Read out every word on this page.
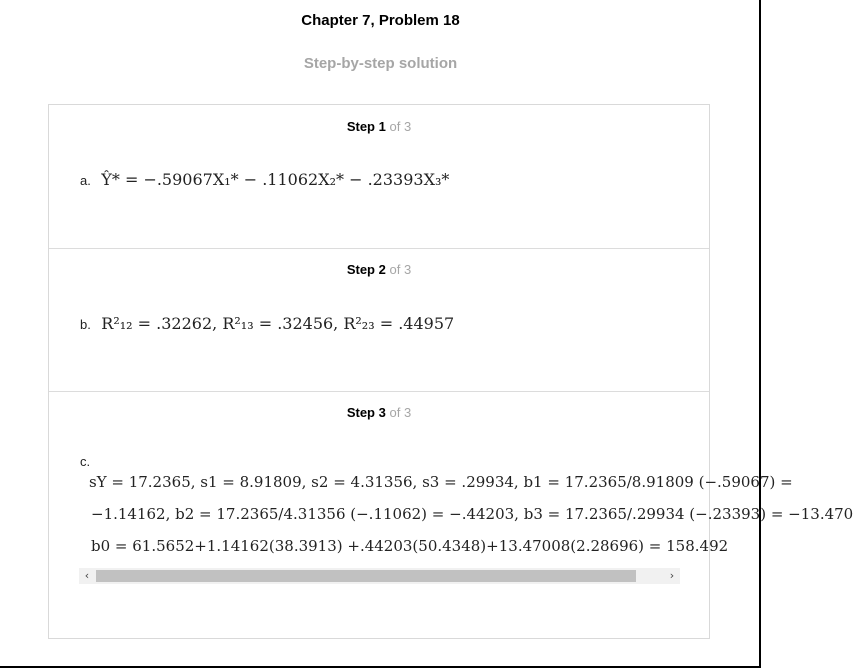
Chapter 7, Problem 18
Step-by-step solution
Step 1 of 3
a. Ŷ* = −.59067X₁* − .11062X₂* − .23393X₃*
Step 2 of 3
b. R²₁₂ = .32262, R²₁₃ = .32456, R²₂₃ = .44957
Step 3 of 3
c.
sY = 17.2365, s1 = 8.91809, s2 = 4.31356, s3 = .29934, b1 = 17.2365/8.91809 (−.59067) =
−1.14162, b2 = 17.2365/4.31356 (−.11062) = −.44203, b3 = 17.2365/.29934 (−.23393) = −13.470
b0 = 61.5652+1.14162(38.3913) +.44203(50.4348)+13.47008(2.28696) = 158.492
‹	›
